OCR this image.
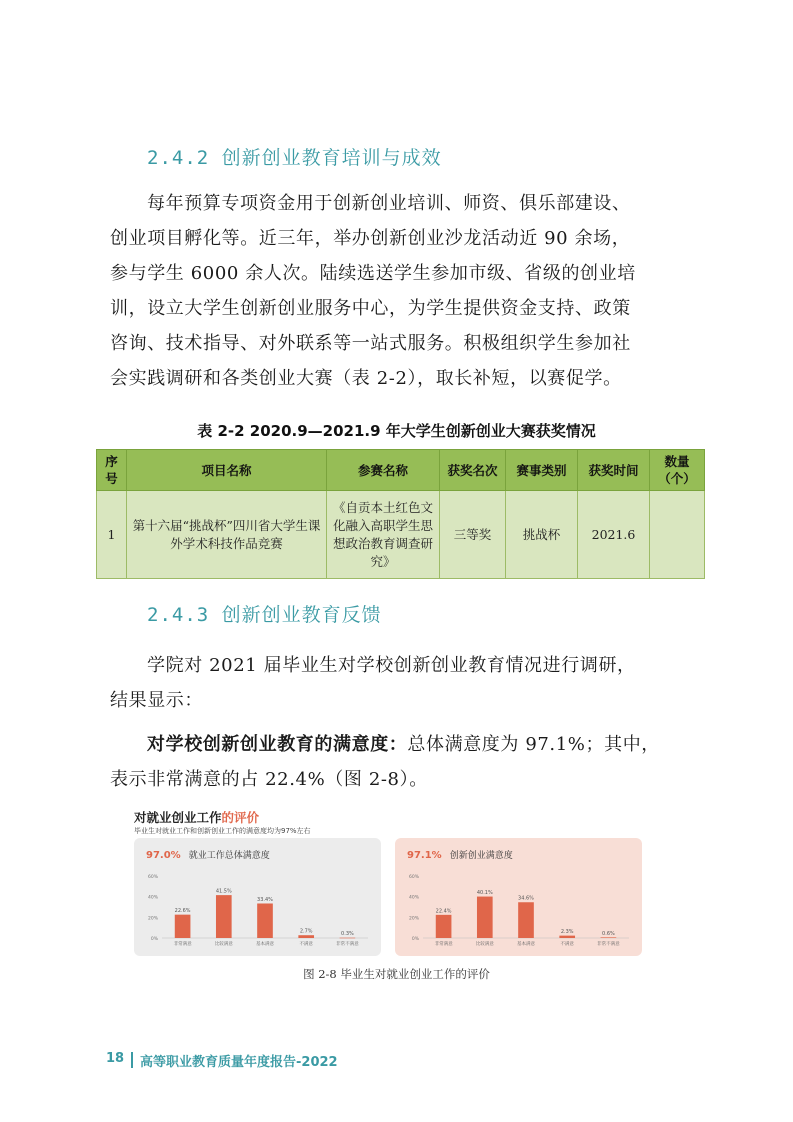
2.4.2 创新创业教育培训与成效

每年预算专项资金用于创新创业培训、师资、俱乐部建设、

创业项目孵化等。近三年，举办创新创业沙龙活动近 90 余场，

参与学生 6000 余人次。陆续选送学生参加市级、省级的创业培

训，设立大学生创新创业服务中心，为学生提供资金支持、政策

咨询、技术指导、对外联系等一站式服务。积极组织学生参加社

会实践调研和各类创业大赛（表 2-2），取长补短，以赛促学。

表 2-2 2020.9—2021.9 年大学生创新创业大赛获奖情况
序
号	项目名称	参赛名称	获奖名次	赛事类别	获奖时间	数量
（个）
1	第十六届“挑战杯”四川省大学生课外学术科技作品竞赛	《自贡本土红色文化融入高职学生思想政治教育调查研究》	三等奖	挑战杯	2021.6	
2.4.3 创新创业教育反馈

学院对 2021 届毕业生对学校创新创业教育情况进行调研，

结果显示：

对学校创新创业教育的满意度：总体满意度为 97.1%；其中，

表示非常满意的占 22.4%（图 2-8）。

对就业创业工作的评价
毕业生对就业工作和创新创业工作的满意度均为97%左右
97.0% 就业工作总体满意度
60%
40%
20%
0%
22.6%
非常满意
41.5%
比较满意
33.4%
基本满意
2.7%
不满意
0.3%
非常不满意
97.1% 创新创业满意度
60%
40%
20%
0%
22.4%
非常满意
40.1%
比较满意
34.6%
基本满意
2.3%
不满意
0.6%
非常不满意
图 2-8 毕业生对就业创业工作的评价
18 高等职业教育质量年度报告-2022
